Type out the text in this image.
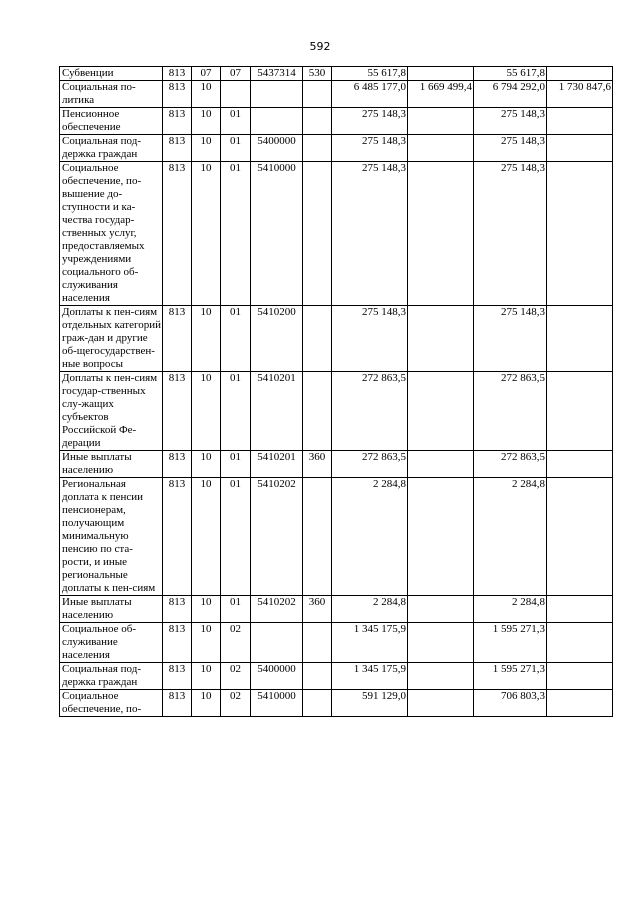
592
Субвенции	813	07	07	5437314	530	55 617,8		55 617,8	
Социальная по-литика	813	10				6 485 177,0	1 669 499,4	6 794 292,0	1 730 847,6
Пенсионное обеспечение	813	10	01			275 148,3		275 148,3	
Социальная под-держка граждан	813	10	01	5400000		275 148,3		275 148,3	
Социальное обеспечение, по-вышение до-ступности и ка-чества государ-ственных услуг, предоставляемых учреждениями социального об-служивания населения	813	10	01	5410000		275 148,3		275 148,3	
Доплаты к пен-сиям отдельных категорий граж-дан и другие об-щегосударствен-ные вопросы	813	10	01	5410200		275 148,3		275 148,3	
Доплаты к пен-сиям государ-ственных слу-жащих субъектов Российской Фе-дерации	813	10	01	5410201		272 863,5		272 863,5	
Иные выплаты населению	813	10	01	5410201	360	272 863,5		272 863,5	
Региональная доплата к пенсии пенсионерам, получающим минимальную пенсию по ста-рости, и иные региональные доплаты к пен-сиям	813	10	01	5410202		2 284,8		2 284,8	
Иные выплаты населению	813	10	01	5410202	360	2 284,8		2 284,8	
Социальное об-служивание населения	813	10	02			1 345 175,9		1 595 271,3	
Социальная под-держка граждан	813	10	02	5400000		1 345 175,9		1 595 271,3	
Социальное обеспечение, по-	813	10	02	5410000		591 129,0		706 803,3	
